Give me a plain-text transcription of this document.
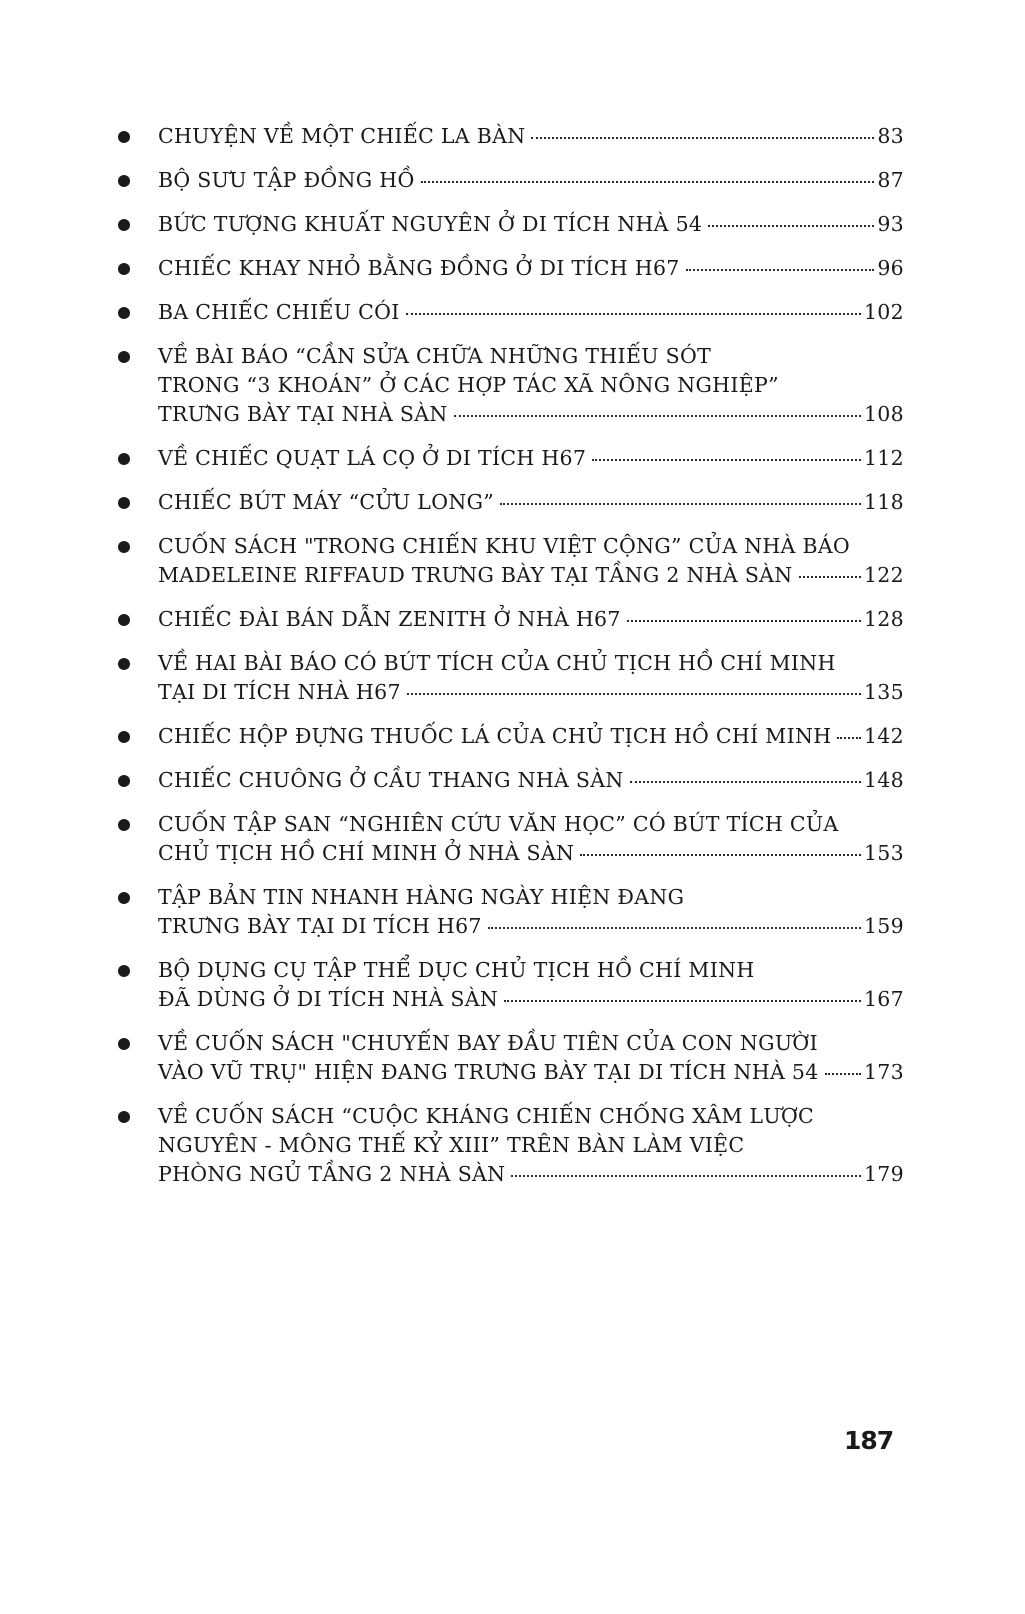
CHUYỆN VỀ MỘT CHIẾC LA BÀN	83
BỘ SƯU TẬP ĐỒNG HỒ	87
BỨC TƯỢNG KHUẤT NGUYÊN Ở DI TÍCH NHÀ 54	93
CHIẾC KHAY NHỎ BẰNG ĐỒNG Ở DI TÍCH H67	96
BA CHIẾC CHIẾU CÓI	102
VỀ BÀI BÁO “CẦN SỬA CHỮA NHỮNG THIẾU SÓT
TRONG “3 KHOÁN” Ở CÁC HỢP TÁC XÃ NÔNG NGHIỆP”
TRƯNG BÀY TẠI NHÀ SÀN	108
VỀ CHIẾC QUẠT LÁ CỌ Ở DI TÍCH H67	112
CHIẾC BÚT MÁY “CỬU LONG”	118
CUỐN SÁCH "TRONG CHIẾN KHU VIỆT CỘNG” CỦA NHÀ BÁO
MADELEINE RIFFAUD TRƯNG BÀY TẠI TẦNG 2 NHÀ SÀN	122
CHIẾC ĐÀI BÁN DẪN ZENITH Ở NHÀ H67	128
VỀ HAI BÀI BÁO CÓ BÚT TÍCH CỦA CHỦ TỊCH HỒ CHÍ MINH
TẠI DI TÍCH NHÀ H67	135
CHIẾC HỘP ĐỰNG THUỐC LÁ CỦA CHỦ TỊCH HỒ CHÍ MINH 142
CHIẾC CHUÔNG Ở CẦU THANG NHÀ SÀN	148
CUỐN TẬP SAN “NGHIÊN CỨU VĂN HỌC” CÓ BÚT TÍCH CỦA
CHỦ TỊCH HỒ CHÍ MINH Ở NHÀ SÀN	153
TẬP BẢN TIN NHANH HÀNG NGÀY HIỆN ĐANG
TRƯNG BÀY TẠI DI TÍCH H67	159
BỘ DỤNG CỤ TẬP THỂ DỤC CHỦ TỊCH HỒ CHÍ MINH
ĐÃ DÙNG Ở DI TÍCH NHÀ SÀN	167
VỀ CUỐN SÁCH "CHUYẾN BAY ĐẦU TIÊN CỦA CON NGƯỜI
VÀO VŨ TRỤ" HIỆN ĐANG TRƯNG BÀY TẠI DI TÍCH NHÀ 54 173
VỀ CUỐN SÁCH “CUỘC KHÁNG CHIẾN CHỐNG XÂM LƯỢC
NGUYÊN - MÔNG THẾ KỶ XIII” TRÊN BÀN LÀM VIỆC
PHÒNG NGỦ TẦNG 2 NHÀ SÀN	179
187
